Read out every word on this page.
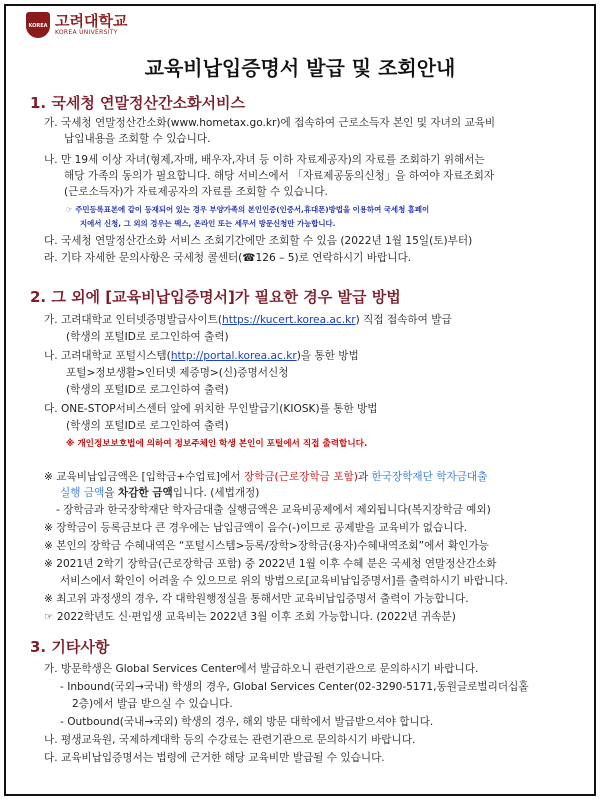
KOREA 고려대학교
KOREA UNIVERSITY
교육비납입증명서 발급 및 조회안내
1. 국세청 연말정산간소화서비스
가. 국세청 연말정산간소화(www.hometax.go.kr)에 접속하여 근로소득자 본인 및 자녀의 교육비
납입내용을 조회할 수 있습니다.
나. 만 19세 이상 자녀(형제,자매, 배우자,자녀 등 이하 자료제공자)의 자료를 조회하기 위해서는
해당 가족의 동의가 필요합니다. 해당 서비스에서 「자료제공동의신청」을 하여야 자료조회자
(근로소득자)가 자료제공자의 자료를 조회할 수 있습니다.
☞ 주민등록표본에 같이 등재되어 있는 경우 부양가족의 본인인증(인증서,휴대폰)방법을 이용하여 국세청 홈페이
지에서 신청, 그 외의 경우는 팩스, 온라인 또는 세무서 방문신청만 가능합니다.
다. 국세청 연말정산간소화 서비스 조회기간에만 조회할 수 있음 (2022년 1월 15일(토)부터)
라. 기타 자세한 문의사항은 국세청 콜센터(☎126 – 5)로 연락하시기 바랍니다.
2. 그 외에 [교육비납입증명서]가 필요한 경우 발급 방법
가. 고려대학교 인터넷증명발급사이트(https://kucert.korea.ac.kr) 직접 접속하여 발급
(학생의 포털ID로 로그인하여 출력)
나. 고려대학교 포털시스템(http://portal.korea.ac.kr)을 통한 방법
포털>정보생활>인터넷 제증명>(신)증명서신청
(학생의 포털ID로 로그인하여 출력)
다. ONE-STOP서비스센터 앞에 위치한 무인발급기(KIOSK)를 통한 방법
(학생의 포털ID로 로그인하여 출력)
※ 개인정보보호법에 의하여 정보주체인 학생 본인이 포털에서 직접 출력합니다.
※ 교육비납입금액은 [입학금+수업료]에서 장학금(근로장학금 포함)과 한국장학재단 학자금대출
실행 금액을 차감한 금액입니다. (세법개정)
- 장학금과 한국장학재단 학자금대출 실행금액은 교육비공제에서 제외됩니다(복지장학금 예외)
※ 장학금이 등록금보다 큰 경우에는 납입금액이 음수(-)이므로 공제받을 교육비가 없습니다.
※ 본인의 장학금 수혜내역은 “포털시스템>등록/장학>장학금(용자)수혜내역조회”에서 확인가능
※ 2021년 2학기 장학금(근로장학금 포함) 중 2022년 1월 이후 수혜 분은 국세청 연말정산간소화
서비스에서 확인이 어려울 수 있으므로 위의 방법으로[교육비납입증명서]를 출력하시기 바랍니다.
※ 최고위 과정생의 경우, 각 대학원행정실을 통해서만 교육비납입증명서 출력이 가능합니다.
☞ 2022학년도 신·편입생 교육비는 2022년 3월 이후 조회 가능합니다. (2022년 귀속분)
3. 기타사항
가. 방문학생은 Global Services Center에서 발급하오니 관련기관으로 문의하시기 바랍니다.
- Inbound(국외→국내) 학생의 경우, Global Services Center(02-3290-5171,동원글로벌리더십홀
2층)에서 발급 받으실 수 있습니다.
- Outbound(국내→국외) 학생의 경우, 해외 방문 대학에서 발급받으셔야 합니다.
나. 평생교육원, 국제하계대학 등의 수강료는 관련기관으로 문의하시기 바랍니다.
다. 교육비납입증명서는 법령에 근거한 해당 교육비만 발급될 수 있습니다.
